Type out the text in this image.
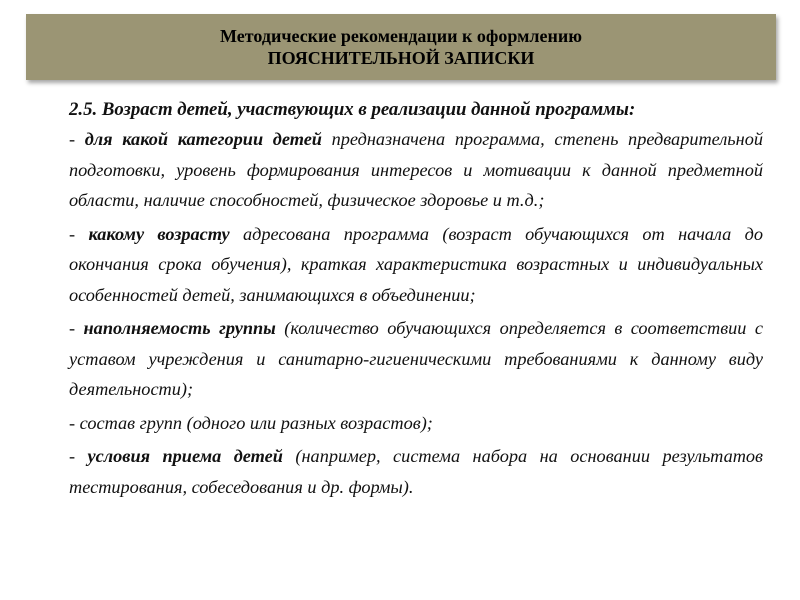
Методические рекомендации к оформлению
ПОЯСНИТЕЛЬНОЙ ЗАПИСКИ
2.5. Возраст детей, участвующих в реализации данной программы:

- для какой категории детей предназначена программа, степень предварительной подготовки, уровень формирования интересов и мотивации к данной предметной области, наличие способностей, физическое здоровье и т.д.;

- какому возрасту адресована программа (возраст обучающихся от начала до окончания срока обучения), краткая характеристика возрастных и индивидуальных особенностей детей, занимающихся в объединении;

- наполняемость группы (количество обучающихся определяется в соответствии с уставом учреждения и санитарно-гигиеническими требованиями к данному виду деятельности);

- состав групп (одного или разных возрастов);

- условия приема детей (например, система набора на основании результатов тестирования, собеседования и др. формы).
